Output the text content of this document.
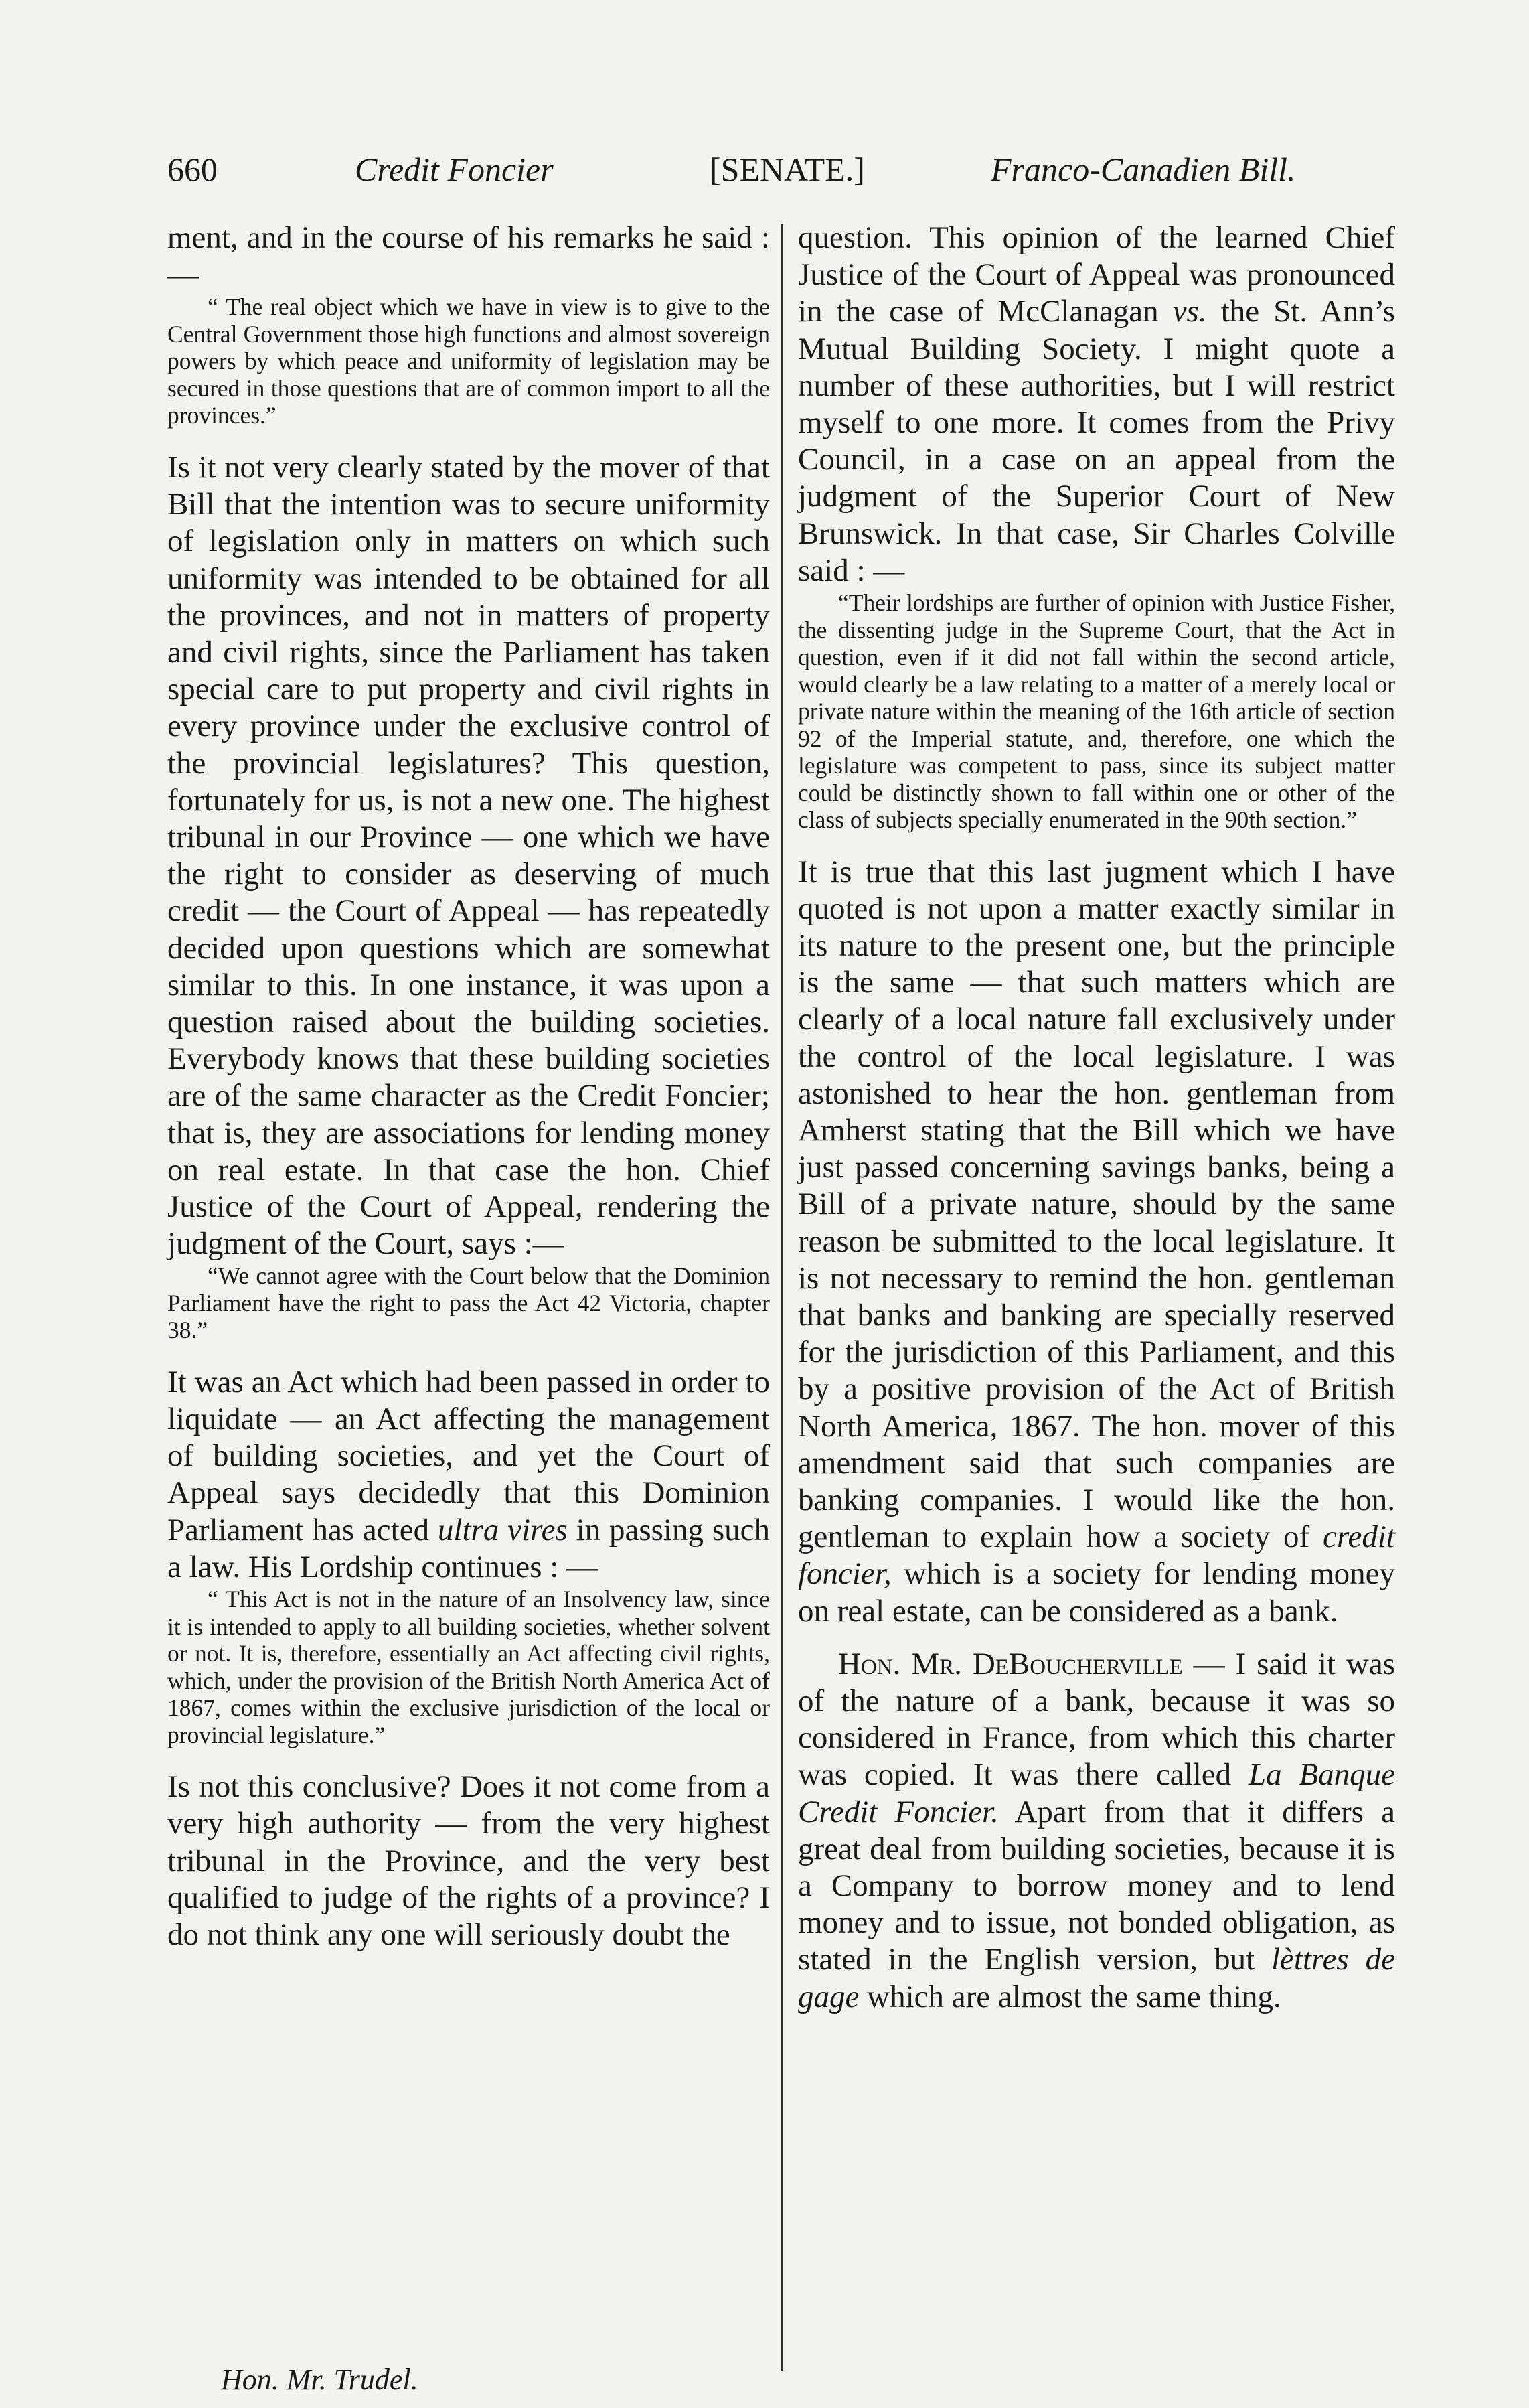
660	Credit Foncier	[SENATE.]	Franco-Canadien Bill.

ment, and in the course of his remarks he said : —

“ The real object which we have in view is to give to the Central Government those high functions and almost sovereign powers by which peace and uniformity of legislation may be secured in those questions that are of common import to all the provinces.”

Is it not very clearly stated by the mover of that Bill that the intention was to secure uniformity of legislation only in matters on which such uniformity was intended to be obtained for all the provinces, and not in matters of property and civil rights, since the Parliament has taken special care to put property and civil rights in every province under the exclusive control of the provincial legislatures? This question, fortunately for us, is not a new one. The highest tribunal in our Province — one which we have the right to consider as deserving of much credit — the Court of Appeal — has repeatedly decided upon questions which are somewhat similar to this. In one instance, it was upon a question raised about the building societies. Everybody knows that these building societies are of the same character as the Credit Foncier; that is, they are associations for lending money on real estate. In that case the hon. Chief Justice of the Court of Appeal, rendering the judgment of the Court, says :—

“We cannot agree with the Court below that the Dominion Parliament have the right to pass the Act 42 Victoria, chapter 38.”

It was an Act which had been passed in order to liquidate — an Act affecting the management of building societies, and yet the Court of Appeal says decidedly that this Dominion Parliament has acted ultra vires in passing such a law. His Lordship continues : —

“ This Act is not in the nature of an Insolvency law, since it is intended to apply to all building societies, whether solvent or not. It is, therefore, essentially an Act affecting civil rights, which, under the provision of the British North America Act of 1867, comes within the exclusive jurisdiction of the local or provincial legislature.”

Is not this conclusive? Does it not come from a very high authority — from the very highest tribunal in the Province, and the very best qualified to judge of the rights of a province? I do not think any one will seriously doubt the

question. This opinion of the learned Chief Justice of the Court of Appeal was pronounced in the case of McClanagan vs. the St. Ann’s Mutual Building Society. I might quote a number of these authorities, but I will restrict myself to one more. It comes from the Privy Council, in a case on an appeal from the judgment of the Superior Court of New Brunswick. In that case, Sir Charles Colville said : —

“Their lordships are further of opinion with Justice Fisher, the dissenting judge in the Supreme Court, that the Act in question, even if it did not fall within the second article, would clearly be a law relating to a matter of a merely local or private nature within the meaning of the 16th article of section 92 of the Imperial statute, and, therefore, one which the legislature was competent to pass, since its subject matter could be distinctly shown to fall within one or other of the class of subjects specially enumerated in the 90th section.”

It is true that this last jugment which I have quoted is not upon a matter exactly similar in its nature to the present one, but the principle is the same — that such matters which are clearly of a local nature fall exclusively under the control of the local legislature. I was astonished to hear the hon. gentleman from Amherst stating that the Bill which we have just passed concerning savings banks, being a Bill of a private nature, should by the same reason be submitted to the local legislature. It is not necessary to remind the hon. gentleman that banks and banking are specially reserved for the jurisdiction of this Parliament, and this by a positive provision of the Act of British North America, 1867. The hon. mover of this amendment said that such companies are banking companies. I would like the hon. gentleman to explain how a society of credit foncier, which is a society for lending money on real estate, can be considered as a bank.

Hon. Mr. DeBoucherville — I said it was of the nature of a bank, because it was so considered in France, from which this charter was copied. It was there called La Banque Credit Foncier. Apart from that it differs a great deal from building societies, because it is a Company to borrow money and to lend money and to issue, not bonded obligation, as stated in the English version, but lèttres de gage which are almost the same thing.

Hon. Mr. Trudel.
